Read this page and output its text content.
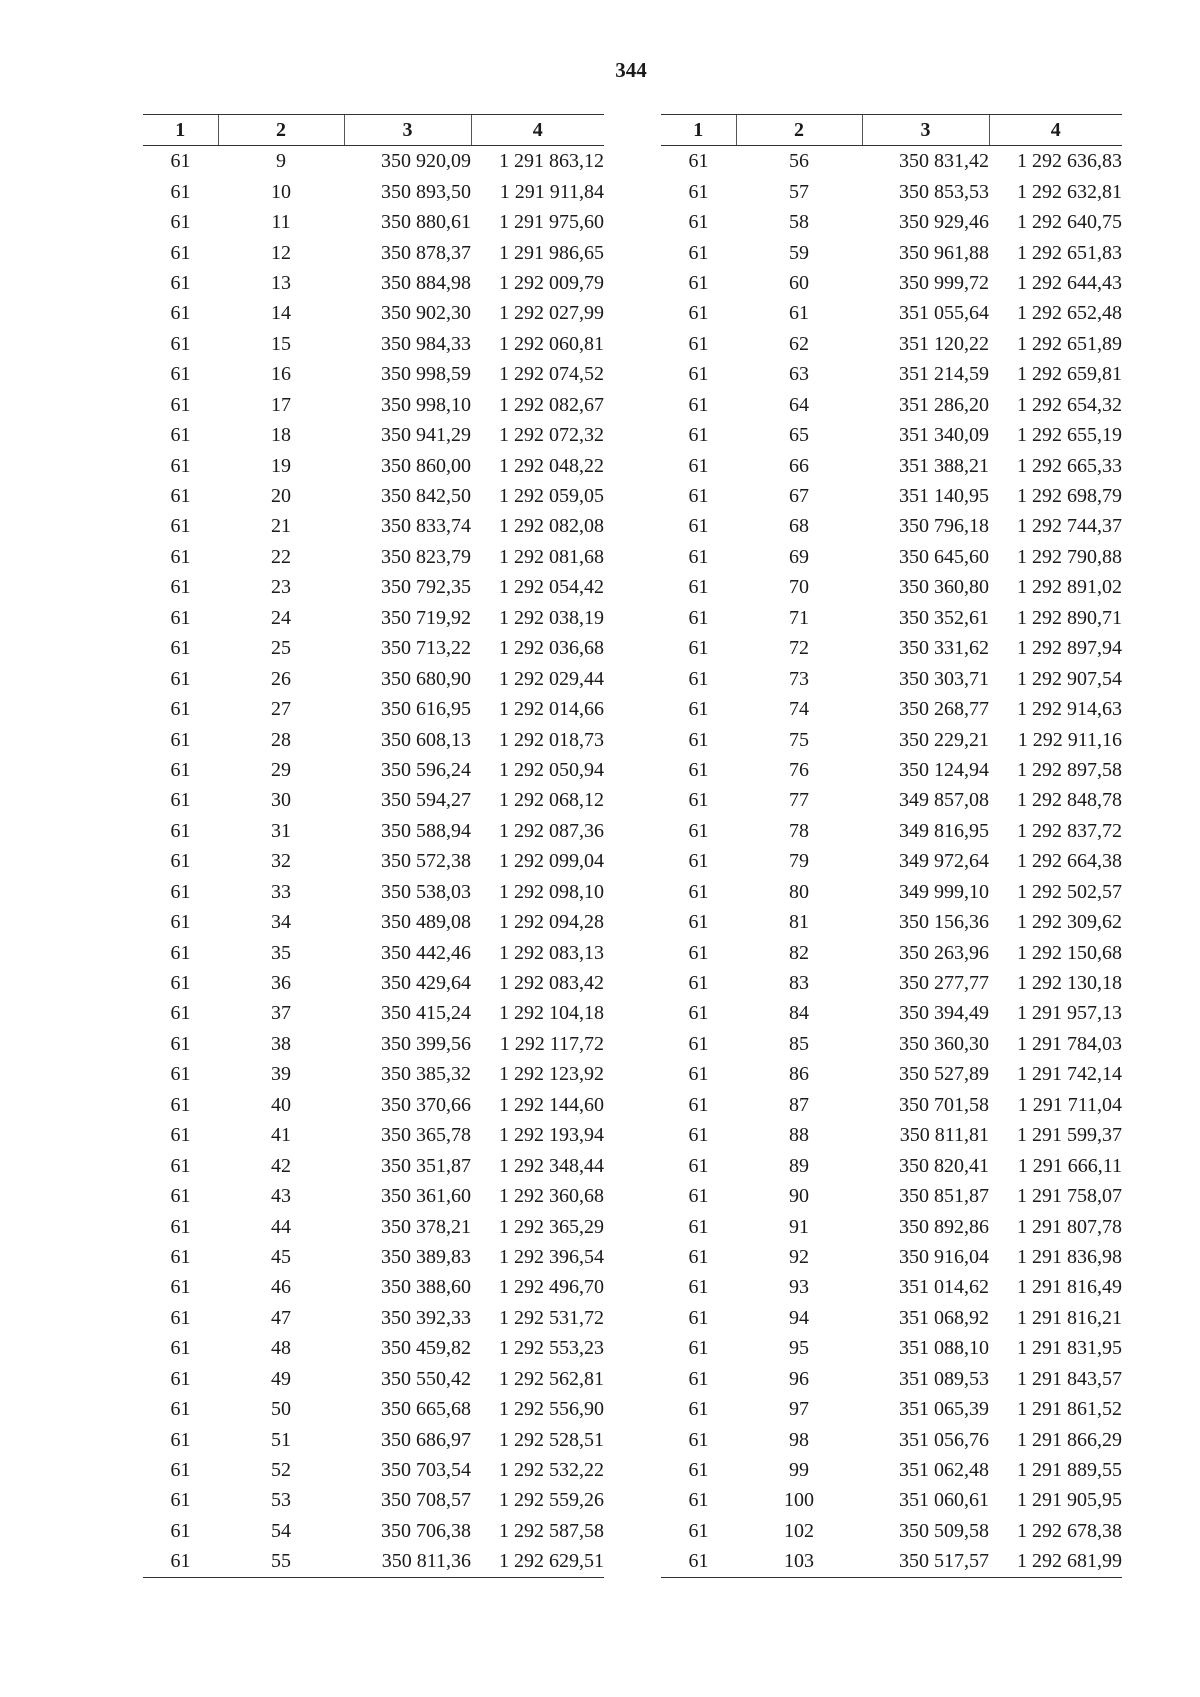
344
1	2	3	4
61	9	350 920,09	1 291 863,12
61	10	350 893,50	1 291 911,84
61	11	350 880,61	1 291 975,60
61	12	350 878,37	1 291 986,65
61	13	350 884,98	1 292 009,79
61	14	350 902,30	1 292 027,99
61	15	350 984,33	1 292 060,81
61	16	350 998,59	1 292 074,52
61	17	350 998,10	1 292 082,67
61	18	350 941,29	1 292 072,32
61	19	350 860,00	1 292 048,22
61	20	350 842,50	1 292 059,05
61	21	350 833,74	1 292 082,08
61	22	350 823,79	1 292 081,68
61	23	350 792,35	1 292 054,42
61	24	350 719,92	1 292 038,19
61	25	350 713,22	1 292 036,68
61	26	350 680,90	1 292 029,44
61	27	350 616,95	1 292 014,66
61	28	350 608,13	1 292 018,73
61	29	350 596,24	1 292 050,94
61	30	350 594,27	1 292 068,12
61	31	350 588,94	1 292 087,36
61	32	350 572,38	1 292 099,04
61	33	350 538,03	1 292 098,10
61	34	350 489,08	1 292 094,28
61	35	350 442,46	1 292 083,13
61	36	350 429,64	1 292 083,42
61	37	350 415,24	1 292 104,18
61	38	350 399,56	1 292 117,72
61	39	350 385,32	1 292 123,92
61	40	350 370,66	1 292 144,60
61	41	350 365,78	1 292 193,94
61	42	350 351,87	1 292 348,44
61	43	350 361,60	1 292 360,68
61	44	350 378,21	1 292 365,29
61	45	350 389,83	1 292 396,54
61	46	350 388,60	1 292 496,70
61	47	350 392,33	1 292 531,72
61	48	350 459,82	1 292 553,23
61	49	350 550,42	1 292 562,81
61	50	350 665,68	1 292 556,90
61	51	350 686,97	1 292 528,51
61	52	350 703,54	1 292 532,22
61	53	350 708,57	1 292 559,26
61	54	350 706,38	1 292 587,58
61	55	350 811,36	1 292 629,51
1	2	3	4
61	56	350 831,42	1 292 636,83
61	57	350 853,53	1 292 632,81
61	58	350 929,46	1 292 640,75
61	59	350 961,88	1 292 651,83
61	60	350 999,72	1 292 644,43
61	61	351 055,64	1 292 652,48
61	62	351 120,22	1 292 651,89
61	63	351 214,59	1 292 659,81
61	64	351 286,20	1 292 654,32
61	65	351 340,09	1 292 655,19
61	66	351 388,21	1 292 665,33
61	67	351 140,95	1 292 698,79
61	68	350 796,18	1 292 744,37
61	69	350 645,60	1 292 790,88
61	70	350 360,80	1 292 891,02
61	71	350 352,61	1 292 890,71
61	72	350 331,62	1 292 897,94
61	73	350 303,71	1 292 907,54
61	74	350 268,77	1 292 914,63
61	75	350 229,21	1 292 911,16
61	76	350 124,94	1 292 897,58
61	77	349 857,08	1 292 848,78
61	78	349 816,95	1 292 837,72
61	79	349 972,64	1 292 664,38
61	80	349 999,10	1 292 502,57
61	81	350 156,36	1 292 309,62
61	82	350 263,96	1 292 150,68
61	83	350 277,77	1 292 130,18
61	84	350 394,49	1 291 957,13
61	85	350 360,30	1 291 784,03
61	86	350 527,89	1 291 742,14
61	87	350 701,58	1 291 711,04
61	88	350 811,81	1 291 599,37
61	89	350 820,41	1 291 666,11
61	90	350 851,87	1 291 758,07
61	91	350 892,86	1 291 807,78
61	92	350 916,04	1 291 836,98
61	93	351 014,62	1 291 816,49
61	94	351 068,92	1 291 816,21
61	95	351 088,10	1 291 831,95
61	96	351 089,53	1 291 843,57
61	97	351 065,39	1 291 861,52
61	98	351 056,76	1 291 866,29
61	99	351 062,48	1 291 889,55
61	100	351 060,61	1 291 905,95
61	102	350 509,58	1 292 678,38
61	103	350 517,57	1 292 681,99
